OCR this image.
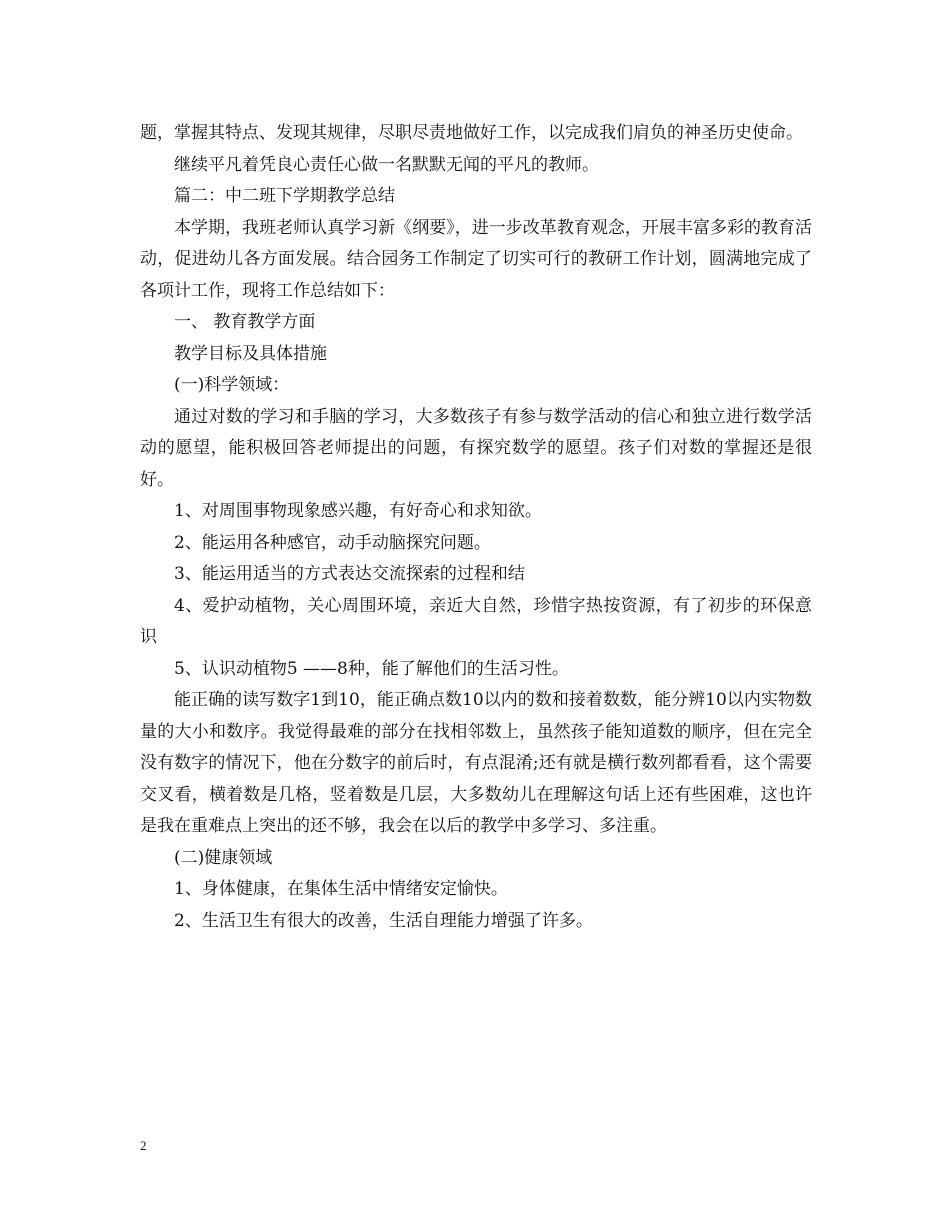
题，掌握其特点、发现其规律，尽职尽责地做好工作，以完成我们肩负的神圣历史使命。

继续平凡着凭良心责任心做一名默默无闻的平凡的教师。

篇二：中二班下学期教学总结

本学期，我班老师认真学习新《纲要》，进一步改革教育观念，开展丰富多彩的教育活动，促进幼儿各方面发展。结合园务工作制定了切实可行的教研工作计划，圆满地完成了各项计工作，现将工作总结如下：

一、 教育教学方面

教学目标及具体措施

(一)科学领域：

通过对数的学习和手脑的学习，大多数孩子有参与数学活动的信心和独立进行数学活动的愿望，能积极回答老师提出的问题，有探究数学的愿望。孩子们对数的掌握还是很好。

1、对周围事物现象感兴趣，有好奇心和求知欲。

2、能运用各种感官，动手动脑探究问题。

3、能运用适当的方式表达交流探索的过程和结

4、爱护动植物，关心周围环境，亲近大自然，珍惜字热按资源，有了初步的环保意识

5、认识动植物5 ——8种，能了解他们的生活习性。

能正确的读写数字1到10，能正确点数10以内的数和接着数数，能分辨10以内实物数量的大小和数序。我觉得最难的部分在找相邻数上，虽然孩子能知道数的顺序，但在完全没有数字的情况下，他在分数字的前后时，有点混淆;还有就是横行数列都看看，这个需要交叉看，横着数是几格，竖着数是几层，大多数幼儿在理解这句话上还有些困难，这也许是我在重难点上突出的还不够，我会在以后的教学中多学习、多注重。

(二)健康领域

1、身体健康，在集体生活中情绪安定愉快。

2、生活卫生有很大的改善，生活自理能力增强了许多。

2
